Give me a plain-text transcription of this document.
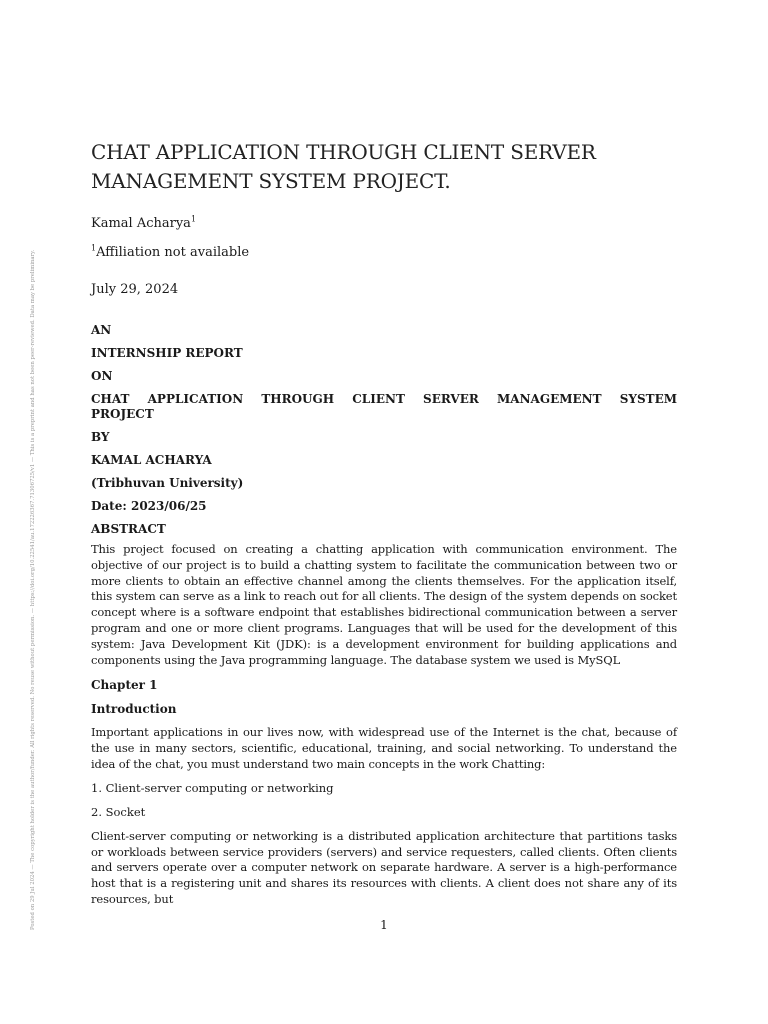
Posted on 29 Jul 2024 — The copyright holder is the author/funder. All rights reserved. No reuse without permission. — https://doi.org/10.22541/au.172226367.71306725/v1 — This is a preprint and has not been peer-reviewed. Data may be preliminary.
CHAT APPLICATION THROUGH CLIENT SERVER MANAGEMENT SYSTEM PROJECT.
Kamal Acharya$^1$
$^1$Affiliation not available
July 29, 2024

AN

INTERNSHIP REPORT

ON

CHAT APPLICATION THROUGH CLIENT SERVER MANAGEMENT SYSTEM

PROJECT

BY

KAMAL ACHARYA

(Tribhuvan University)

Date: 2023/06/25

ABSTRACT

This project focused on creating a chatting application with communication environment. The objective of our project is to build a chatting system to facilitate the communication between two or more clients to obtain an effective channel among the clients themselves. For the application itself, this system can serve as a link to reach out for all clients. The design of the system depends on socket concept where is a software endpoint that establishes bidirectional communication between a server program and one or more client programs. Languages that will be used for the development of this system: Java Development Kit (JDK): is a development environment for building applications and components using the Java programming language. The database system we used is MySQL

Chapter 1

Introduction

Important applications in our lives now, with widespread use of the Internet is the chat, because of the use in many sectors, scientific, educational, training, and social networking. To understand the idea of the chat, you must understand two main concepts in the work Chatting:

1. Client-server computing or networking

2. Socket

Client-server computing or networking is a distributed application architecture that partitions tasks or workloads between service providers (servers) and service requesters, called clients. Often clients and servers operate over a computer network on separate hardware. A server is a high-performance host that is a registering unit and shares its resources with clients. A client does not share any of its resources, but

1
